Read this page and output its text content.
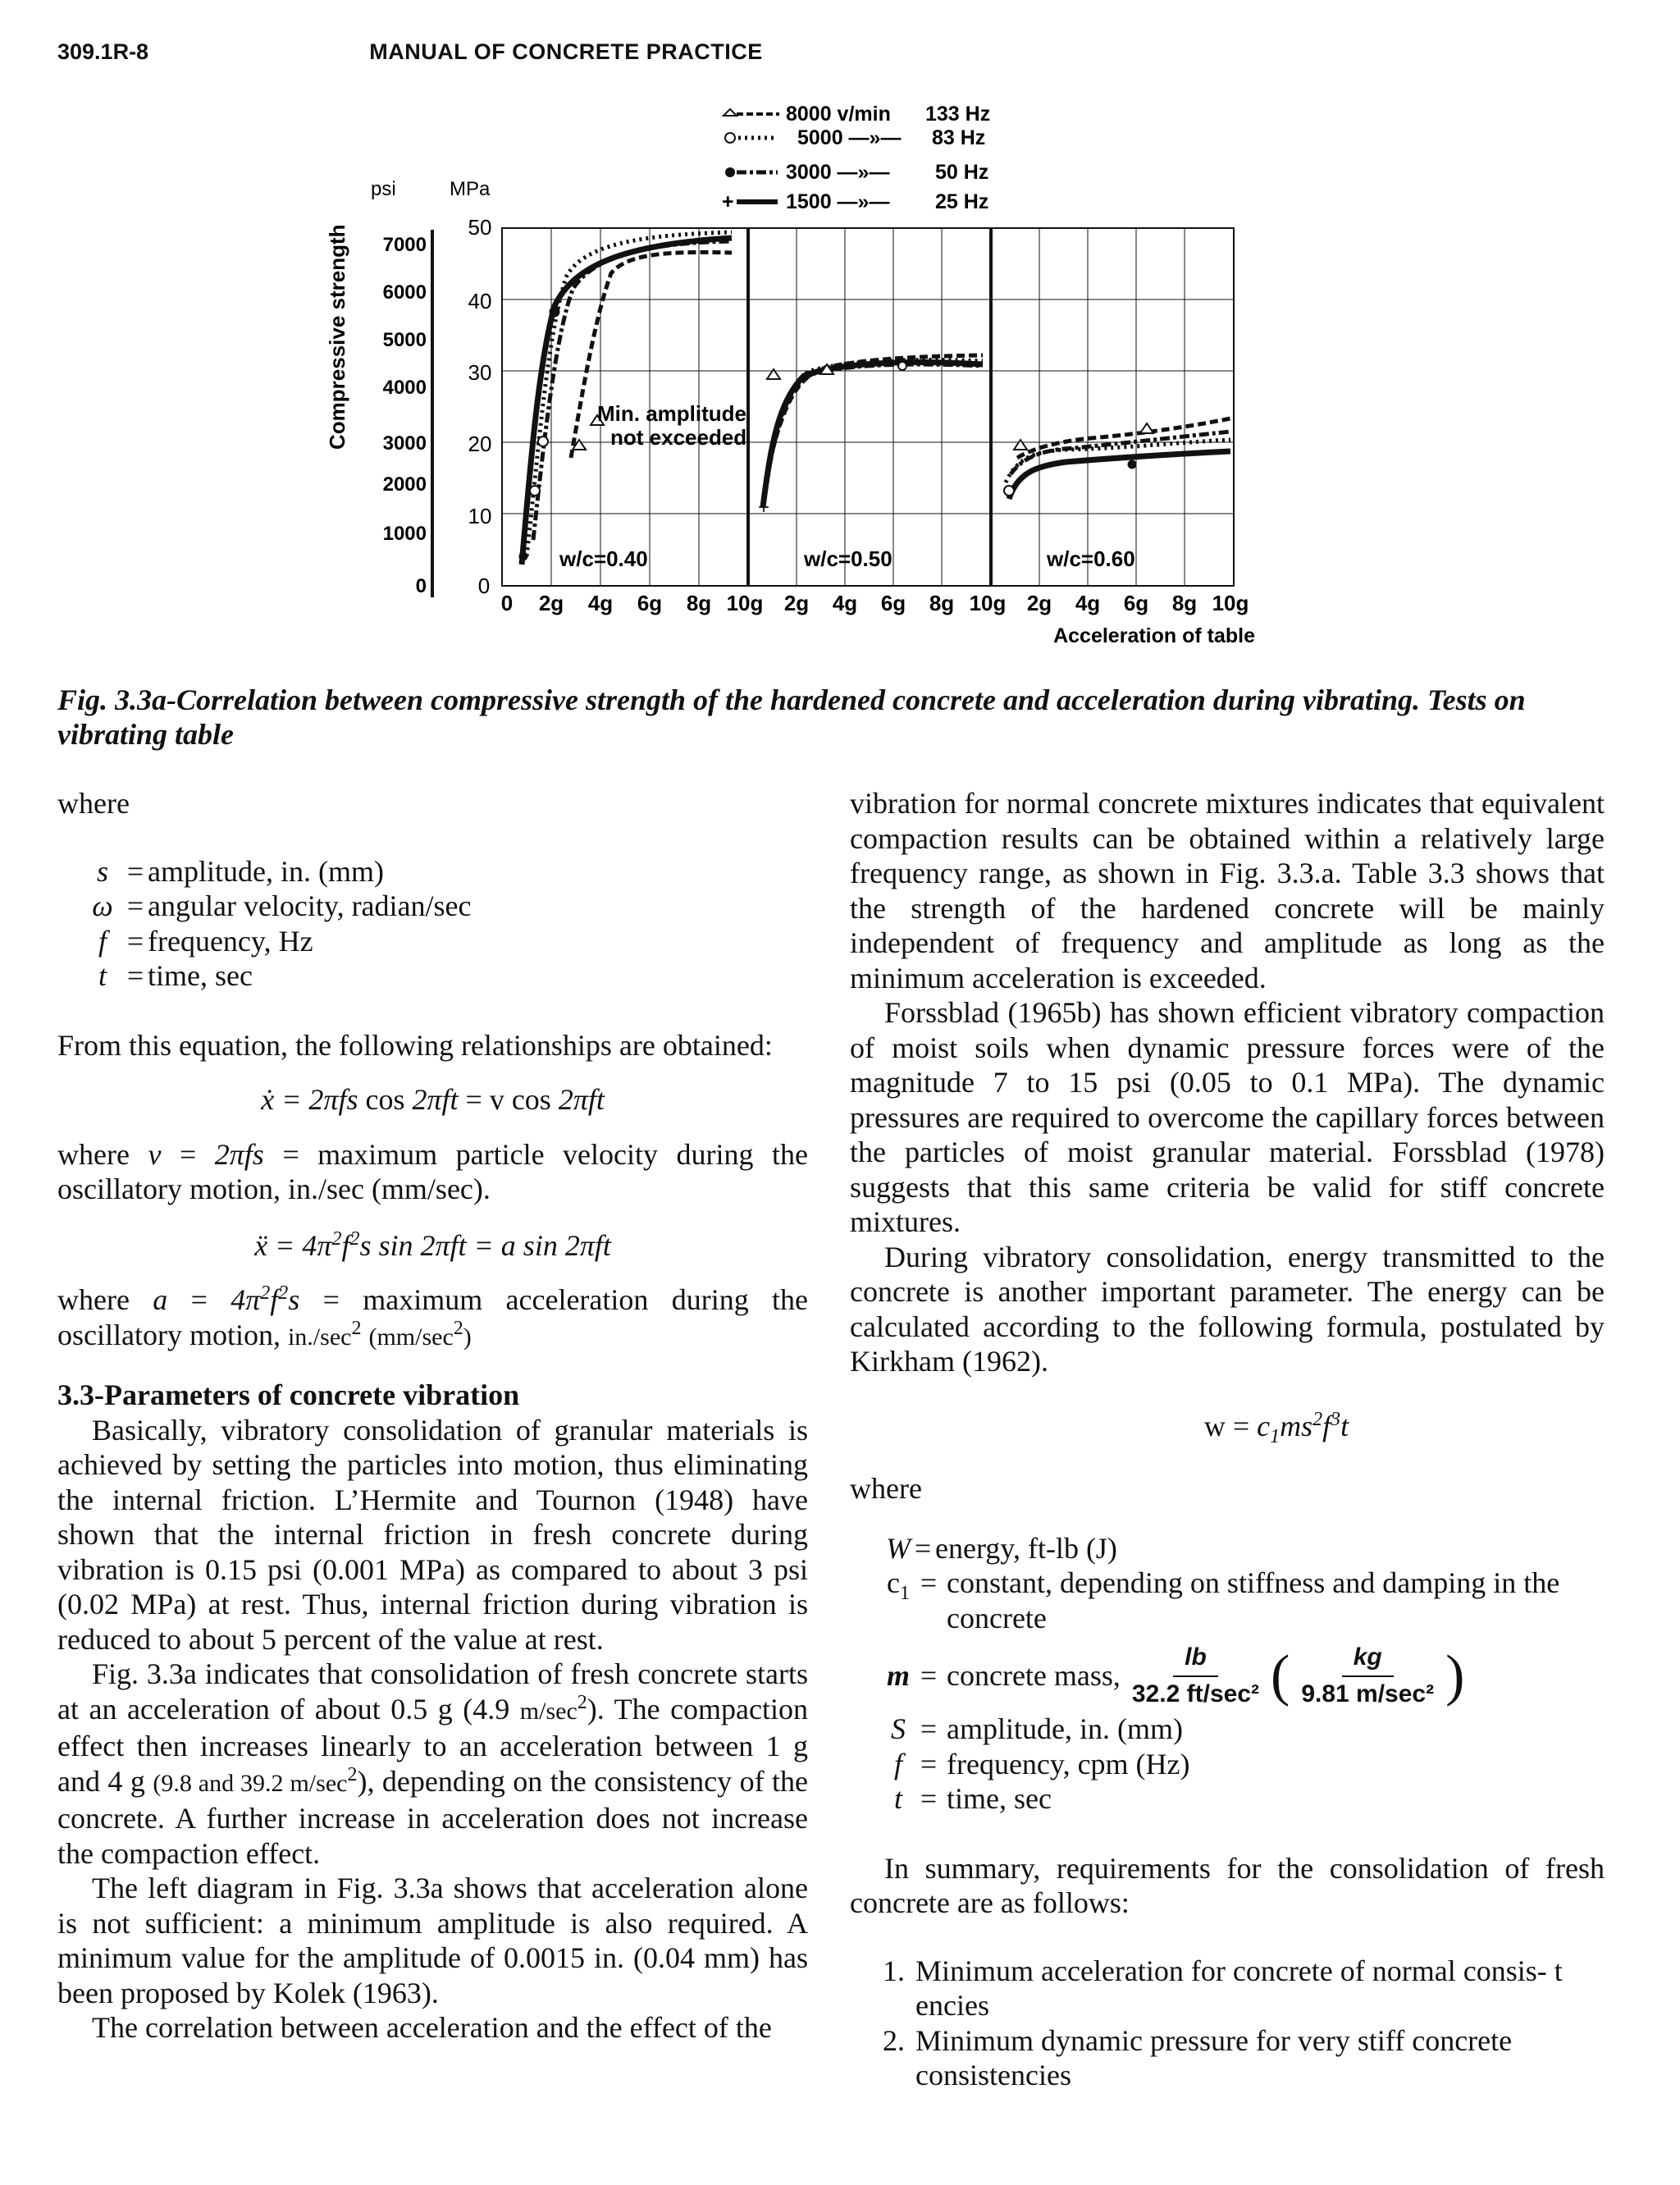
309.1R-8	MANUAL OF CONCRETE PRACTICE
8000 v/min 133 Hz
5000 —»— 83 Hz
3000 —»— 50 Hz
+	1500 —»— 25 Hz
psi	MPa
Compressive strength 7000
6000
5000
4000
3000
2000
1000
0
50
40
30
20
10
0
Min. amplitude
not exceeded
+
w/c=0.40	w/c=0.50	w/c=0.60
0 2g 4g 6g 8g 10g 2g 4g 6g 8g 10g 2g 4g 6g 8g 10g
Acceleration of table
Fig. 3.3a-Correlation between compressive strength of the hardened concrete and acceleration during vibrating. Tests on vibrating table

where

s = amplitude, in. (mm)
ω = angular velocity, radian/sec
f = frequency, Hz
t = time, sec

From this equation, the following relationships are obtained:

ẋ = 2πfs cos 2πft = v cos 2πft

where v = 2πfs = maximum particle velocity during the oscillatory motion, in./sec (mm/sec).

ẍ = $4\pi^2f^2s$ sin 2πft = a sin 2πft

where $a = 4\pi^2f^2s$ = maximum acceleration during the oscillatory motion, $in./\sec^2$ $(mm/\sec^2)$

3.3-Parameters of concrete vibration

Basically, vibratory consolidation of granular materials is achieved by setting the particles into motion, thus eliminating the internal friction. L’Hermite and Tournon (1948) have shown that the internal friction in fresh concrete during vibration is 0.15 psi (0.001 MPa) as compared to about 3 psi (0.02 MPa) at rest. Thus, internal friction during vibration is reduced to about 5 percent of the value at rest.

Fig. 3.3a indicates that consolidation of fresh concrete starts at an acceleration of about 0.5 g (4.9 $m/\sec^2$). The compaction effect then increases linearly to an acceleration between 1 g and 4 g (9.8 and 39.2 $m/\sec^2$), depending on the consistency of the concrete. A further increase in acceleration does not increase the compaction effect.

The left diagram in Fig. 3.3a shows that acceleration alone is not sufficient: a minimum amplitude is also required. A minimum value for the amplitude of 0.0015 in. (0.04 mm) has been proposed by Kolek (1963).

The correlation between acceleration and the effect of the

vibration for normal concrete mixtures indicates that equivalent compaction results can be obtained within a relatively large frequency range, as shown in Fig. 3.3.a. Table 3.3 shows that the strength of the hardened concrete will be mainly independent of frequency and amplitude as long as the minimum acceleration is exceeded.

Forssblad (1965b) has shown efficient vibratory compaction of moist soils when dynamic pressure forces were of the magnitude 7 to 15 psi (0.05 to 0.1 MPa). The dynamic pressures are required to overcome the capillary forces between the particles of moist granular material. Forssblad (1978) suggests that this same criteria be valid for stiff concrete mixtures.

During vibratory consolidation, energy transmitted to the concrete is another important parameter. The energy can be calculated according to the following formula, postulated by Kirkham (1962).

$w = c_1ms^2f^3t$

where

W = energy, ft-lb (J)
$c_1$ = constant, depending on stiffness and damping in the concrete
m = concrete mass, $\frac{lb}{\text{32.2 ft/sec²}}$ ( $\frac{kg}{\text{9.81 m/sec²}}$ )
S = amplitude, in. (mm)
f = frequency, cpm (Hz)
t = time, sec

In summary, requirements for the consolidation of fresh concrete are as follows:

1. Minimum acceleration for concrete of normal consis- t encies
2. Minimum dynamic pressure for very stiff concrete consistencies
